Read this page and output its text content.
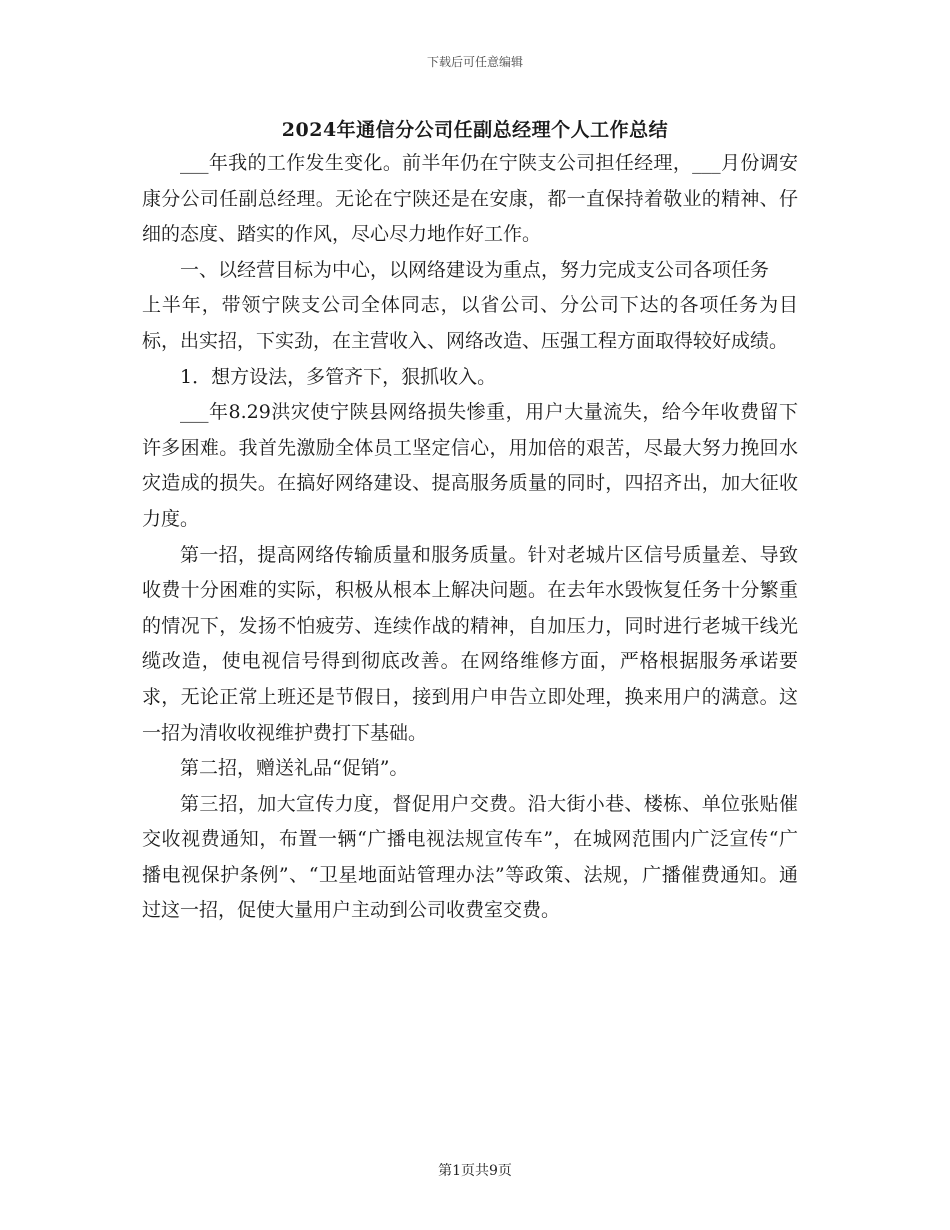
下载后可任意编辑
2024年通信分公司任副总经理个人工作总结

___年我的工作发生变化。前半年仍在宁陕支公司担任经理，___月份调安康分公司任副总经理。无论在宁陕还是在安康，都一直保持着敬业的精神、仔细的态度、踏实的作风，尽心尽力地作好工作。

一、以经营目标为中心，以网络建设为重点，努力完成支公司各项任务

上半年，带领宁陕支公司全体同志，以省公司、分公司下达的各项任务为目标，出实招，下实劲，在主营收入、网络改造、压强工程方面取得较好成绩。

1．想方设法，多管齐下，狠抓收入。

___年8.29洪灾使宁陕县网络损失惨重，用户大量流失，给今年收费留下许多困难。我首先激励全体员工坚定信心，用加倍的艰苦，尽最大努力挽回水灾造成的损失。在搞好网络建设、提高服务质量的同时，四招齐出，加大征收力度。

第一招，提高网络传输质量和服务质量。针对老城片区信号质量差、导致收费十分困难的实际，积极从根本上解决问题。在去年水毁恢复任务十分繁重的情况下，发扬不怕疲劳、连续作战的精神，自加压力，同时进行老城干线光缆改造，使电视信号得到彻底改善。在网络维修方面，严格根据服务承诺要求，无论正常上班还是节假日，接到用户申告立即处理，换来用户的满意。这一招为清收收视维护费打下基础。

第二招，赠送礼品“促销”。

第三招，加大宣传力度，督促用户交费。沿大街小巷、楼栋、单位张贴催交收视费通知，布置一辆“广播电视法规宣传车”，在城网范围内广泛宣传“广播电视保护条例”、“卫星地面站管理办法”等政策、法规，广播催费通知。通过这一招，促使大量用户主动到公司收费室交费。

第1页共9页
